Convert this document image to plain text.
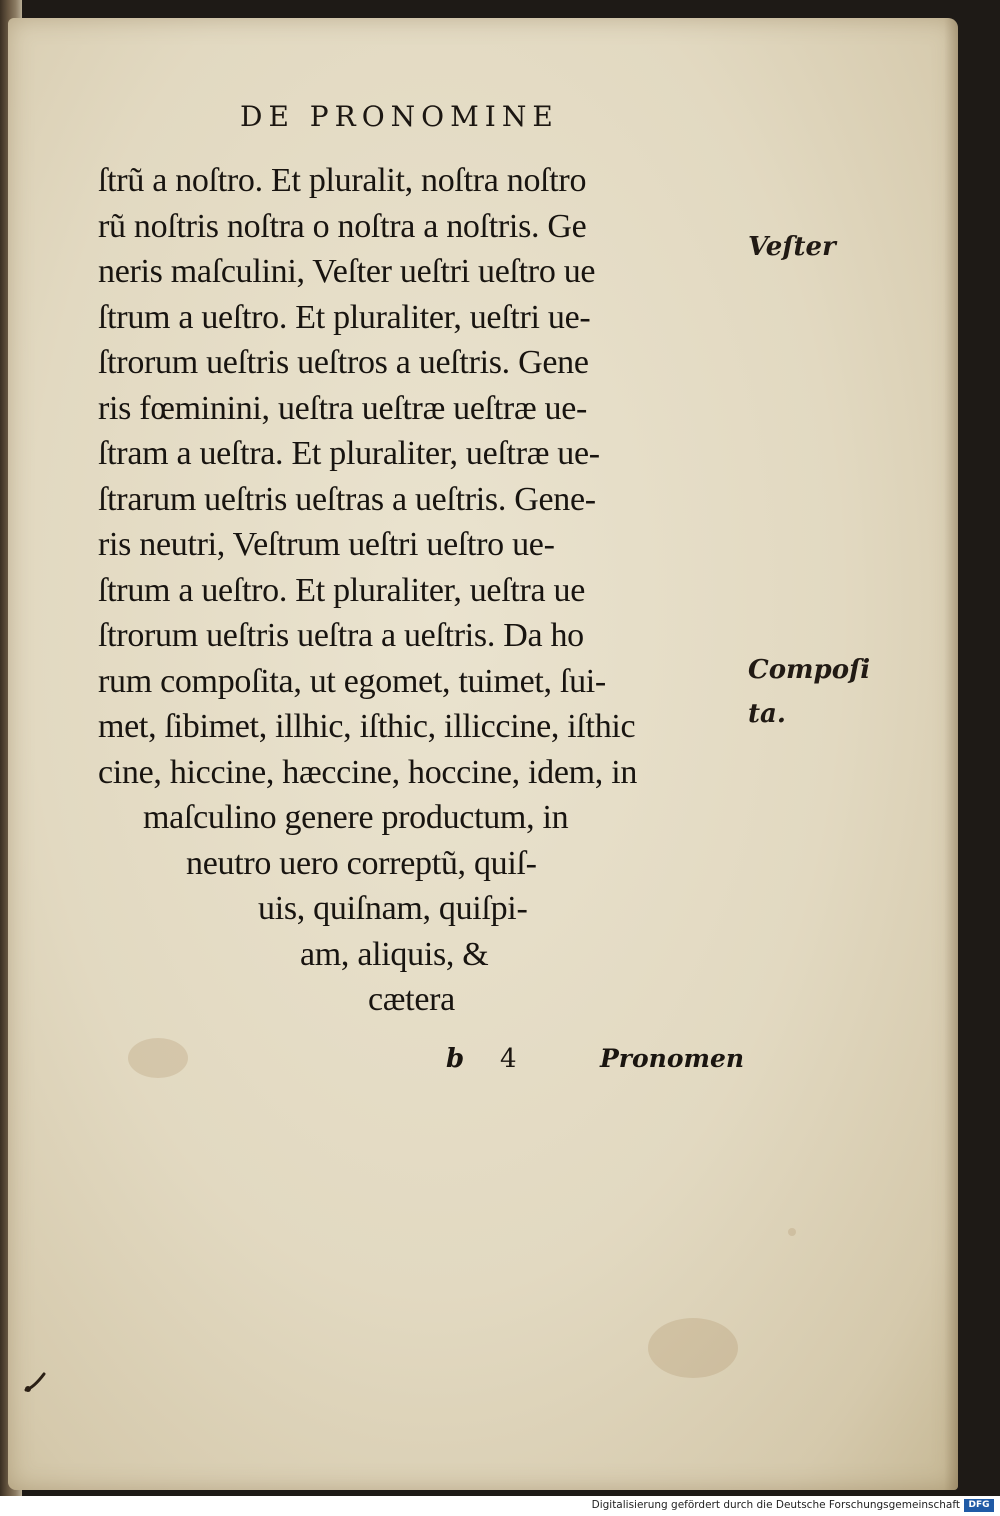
DE PRONOMINE
ſtrũ a noſtro. Et pluralit, noſtra noſtro
rũ noſtris noſtra o noſtra a noſtris. Ge
neris maſculini, Veſter ueſtri ueſtro ue
ſtrum a ueſtro. Et pluraliter, ueſtri ue-
ſtrorum ueſtris ueſtros a ueſtris. Gene
ris fœminini, ueſtra ueſtræ ueſtræ ue-
ſtram a ueſtra. Et pluraliter, ueſtræ ue-
ſtrarum ueſtris ueſtras a ueſtris. Gene-
ris neutri, Veſtrum ueſtri ueſtro ue-
ſtrum a ueſtro. Et pluraliter, ueſtra ue
ſtrorum ueſtris ueſtra a ueſtris. Da ho
rum compoſita, ut egomet, tuimet, ſui-
met, ſibimet, illhic, iſthic, illiccine, iſthic
cine, hiccine, hæccine, hoccine, idem, in
maſculino genere productum, in
neutro uero correptũ, quiſ-
uis, quiſnam, quiſpi-
am, aliquis, &
cætera
Veſter
Compoſi
ta.
b 4	Pronomen
Digitalisierung gefördert durch die Deutsche Forschungsgemeinschaft DFG
